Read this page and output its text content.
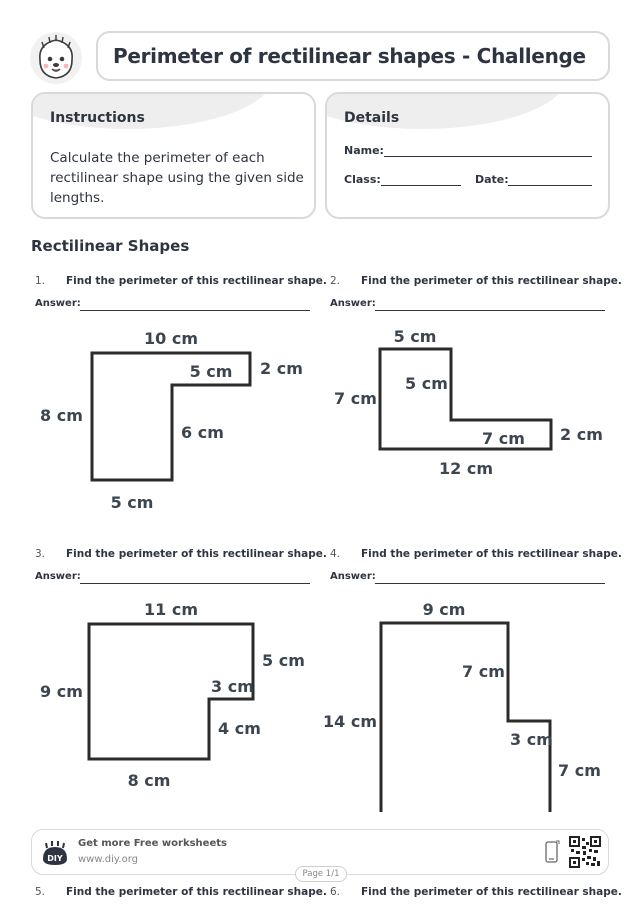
Perimeter of rectilinear shapes - Challenge
Instructions
Calculate the perimeter of each
rectilinear shape using the given side
lengths.
Details
Name:
Class:	Date:
Rectilinear Shapes
1. Find the perimeter of this rectilinear shape.
Answer:
2. Find the perimeter of this rectilinear shape.
Answer:
3. Find the perimeter of this rectilinear shape.
Answer:
4. Find the perimeter of this rectilinear shape.
Answer:
10 cm
5 cm 2 cm
8 cm
6 cm
5 cm
5 cm
5 cm
7 cm
7 cm 2 cm
12 cm
11 cm
5 cm
9 cm	3 cm
4 cm
8 cm
9 cm
7 cm
14 cm
3 cm
7 cm
DIY
Get more Free worksheets
www.diy.org
Page 1/1
5. Find the perimeter of this rectilinear shape. 6. Find the perimeter of this rectilinear shape.
